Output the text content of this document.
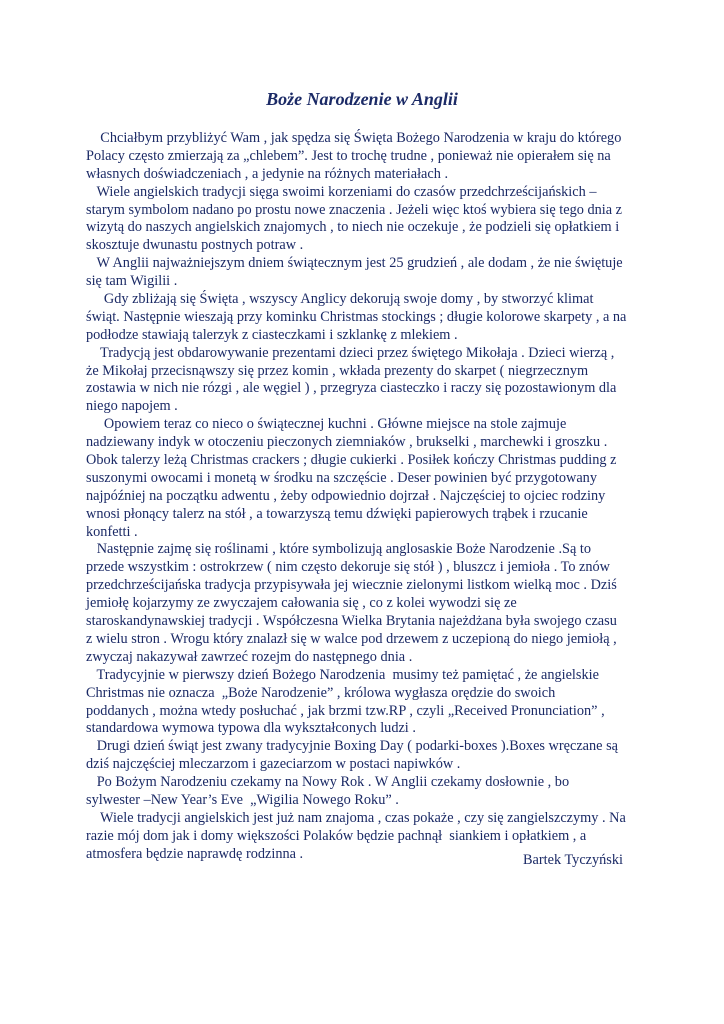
Boże Narodzenie w Anglii
Chciałbym przybliżyć Wam , jak spędza się Święta Bożego Narodzenia w kraju do którego
Polacy często zmierzają za „chlebem”. Jest to trochę trudne , ponieważ nie opierałem się na
własnych doświadczeniach , a jedynie na różnych materiałach .
Wiele angielskich tradycji sięga swoimi korzeniami do czasów przedchrześcijańskich –
starym symbolom nadano po prostu nowe znaczenia . Jeżeli więc ktoś wybiera się tego dnia z
wizytą do naszych angielskich znajomych , to niech nie oczekuje , że podzieli się opłatkiem i
skosztuje dwunastu postnych potraw .
W Anglii najważniejszym dniem świątecznym jest 25 grudzień , ale dodam , że nie świętuje
się tam Wigilii .
Gdy zbliżają się Święta , wszyscy Anglicy dekorują swoje domy , by stworzyć klimat
świąt. Następnie wieszają przy kominku Christmas stockings ; długie kolorowe skarpety , a na
podłodze stawiają talerzyk z ciasteczkami i szklankę z mlekiem .
Tradycją jest obdarowywanie prezentami dzieci przez świętego Mikołaja . Dzieci wierzą ,
że Mikołaj przecisnąwszy się przez komin , wkłada prezenty do skarpet ( niegrzecznym
zostawia w nich nie rózgi , ale węgiel ) , przegryza ciasteczko i raczy się pozostawionym dla
niego napojem .
Opowiem teraz co nieco o świątecznej kuchni . Główne miejsce na stole zajmuje
nadziewany indyk w otoczeniu pieczonych ziemniaków , brukselki , marchewki i groszku .
Obok talerzy leżą Christmas crackers ; długie cukierki . Posiłek kończy Christmas pudding z
suszonymi owocami i monetą w środku na szczęście . Deser powinien być przygotowany
najpóźniej na początku adwentu , żeby odpowiednio dojrzał . Najczęściej to ojciec rodziny
wnosi płonący talerz na stół , a towarzyszą temu dźwięki papierowych trąbek i rzucanie
konfetti .
Następnie zajmę się roślinami , które symbolizują anglosaskie Boże Narodzenie .Są to
przede wszystkim : ostrokrzew ( nim często dekoruje się stół ) , bluszcz i jemioła . To znów
przedchrześcijańska tradycja przypisywała jej wiecznie zielonymi listkom wielką moc . Dziś
jemiołę kojarzymy ze zwyczajem całowania się , co z kolei wywodzi się ze
staroskandynawskiej tradycji . Współczesna Wielka Brytania najeżdżana była swojego czasu
z wielu stron . Wrogu który znalazł się w walce pod drzewem z uczepioną do niego jemiołą ,
zwyczaj nakazywał zawrzeć rozejm do następnego dnia .
Tradycyjnie w pierwszy dzień Bożego Narodzenia  musimy też pamiętać , że angielskie
Christmas nie oznacza  „Boże Narodzenie” , królowa wygłasza orędzie do swoich
poddanych , można wtedy posłuchać , jak brzmi tzw.RP , czyli „Received Pronunciation” ,
standardowa wymowa typowa dla wykształconych ludzi .
Drugi dzień świąt jest zwany tradycyjnie Boxing Day ( podarki-boxes ).Boxes wręczane są
dziś najczęściej mleczarzom i gazeciarzom w postaci napiwków .
Po Bożym Narodzeniu czekamy na Nowy Rok . W Anglii czekamy dosłownie , bo
sylwester –New Year’s Eve  „Wigilia Nowego Roku” .
Wiele tradycji angielskich jest już nam znajoma , czas pokaże , czy się zangielszczymy . Na
razie mój dom jak i domy większości Polaków będzie pachnął  siankiem i opłatkiem , a
atmosfera będzie naprawdę rodzinna .	Bartek Tyczyński
